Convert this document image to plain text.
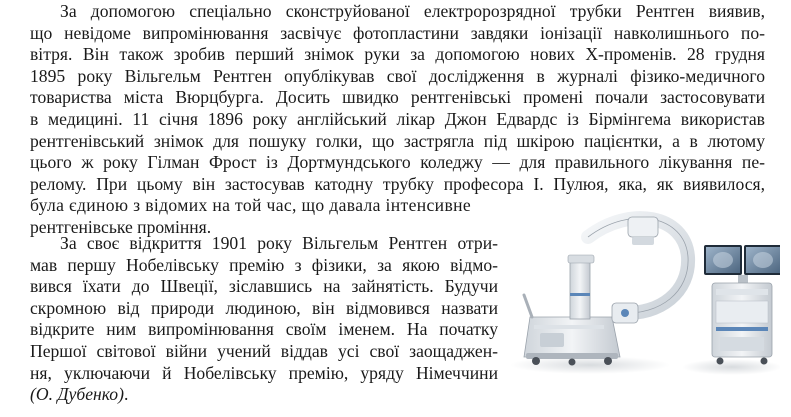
За допомогою спеціально сконструйованої електророзрядної трубки Рентген виявив,
що невідоме випромінювання засвічує фотопластини завдяки іонізації навколишнього по-
вітря. Він також зробив перший знімок руки за допомогою нових X-променів. 28 грудня
1895 року Вільгельм Рентген опублікував свої дослідження в журналі фізико-медичного
товариства міста Вюрцбурга. Досить швидко рентгенівські промені почали застосовувати
в медицині. 11 січня 1896 року англійський лікар Джон Едвардс із Бірмінгема використав
рентгенівський знімок для пошуку голки, що застрягла під шкірою пацієнтки, а в лютому
цього ж року Гілман Фрост із Дортмундського коледжу — для правильного лікування пе-
релому. При цьому він застосував катодну трубку професора І. Пулюя, яка, як виявилося,
була єдиною з відомих на той час, що давала інтенсивне
рентгенівське проміння.
За своє відкриття 1901 року Вільгельм Рентген отри-
мав першу Нобелівську премію з фізики, за якою відмо-
вився їхати до Швеції, зіславшись на зайнятість. Будучи
скромною від природи людиною, він відмовився назвати
відкрите ним випромінювання своїм іменем. На початку
Першої світової війни учений віддав усі свої заощаджен-
ня, уключаючи й Нобелівську премію, уряду Німеччини
(О. Дубенко).
